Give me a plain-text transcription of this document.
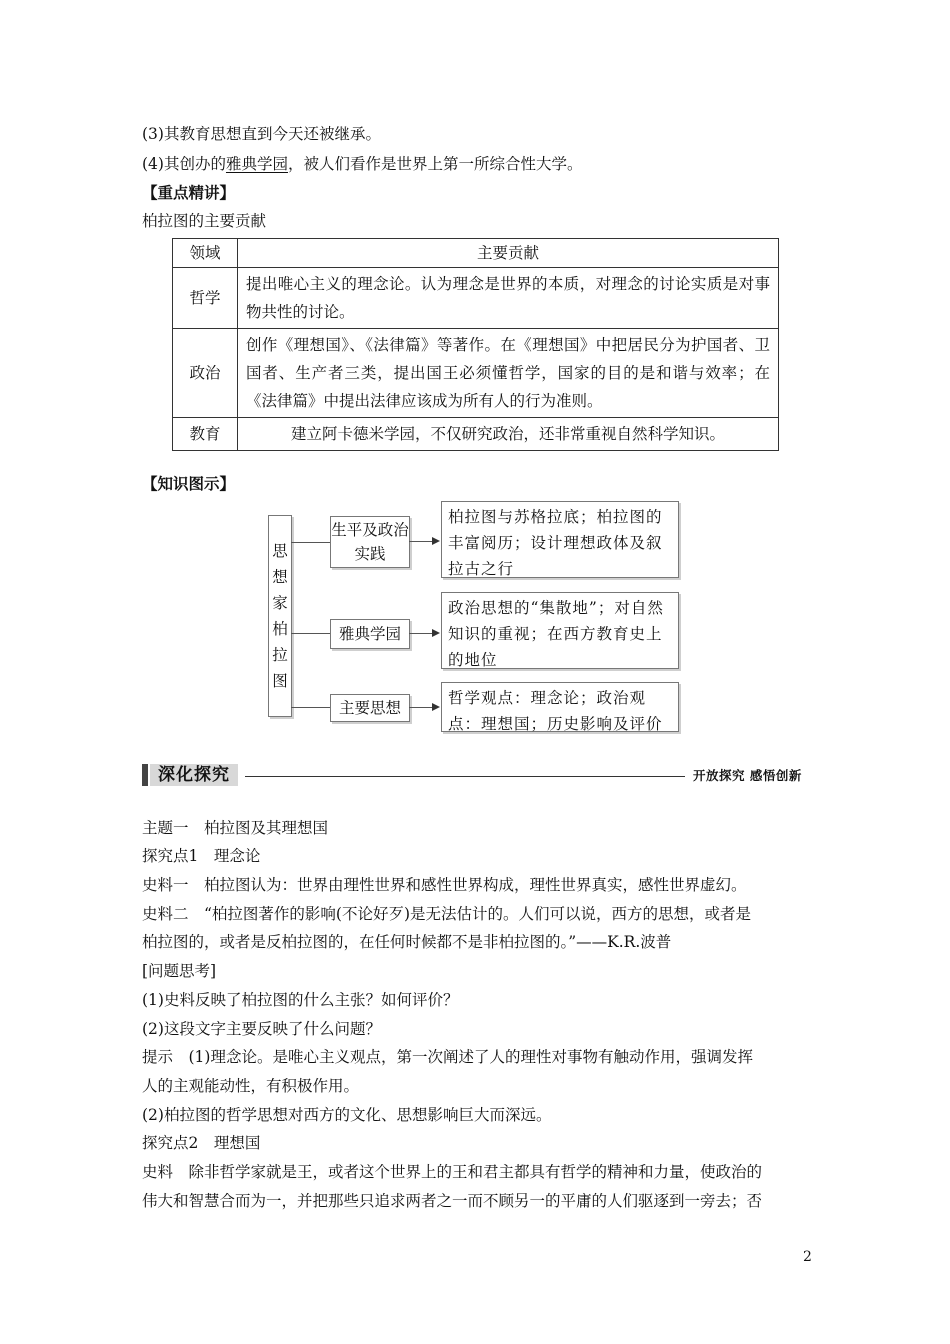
(3)其教育思想直到今天还被继承。
(4)其创办的雅典学园，被人们看作是世界上第一所综合性大学。
【重点精讲】
柏拉图的主要贡献
领域	主要贡献
哲学	提出唯心主义的理念论。认为理念是世界的本质，对理念的讨论实质是对事物共性的讨论。
政治	创作《理想国》、《法律篇》等著作。在《理想国》中把居民分为护国者、卫国者、生产者三类，提出国王必须懂哲学，国家的目的是和谐与效率；在《法律篇》中提出法律应该成为所有人的行为准则。
教育	建立阿卡德米学园，不仅研究政治，还非常重视自然科学知识。
【知识图示】
思想家柏拉图
生平及政治实践
雅典学园
主要思想
柏拉图与苏格拉底；柏拉图的丰富阅历；设计理想政体及叙拉古之行
政治思想的“集散地”；对自然知识的重视；在西方教育史上的地位
哲学观点：理念论；政治观点：理想国；历史影响及评价
深化探究	开放探究 感悟创新
主题一　柏拉图及其理想国
探究点1　理念论
史料一　柏拉图认为：世界由理性世界和感性世界构成，理性世界真实，感性世界虚幻。
史料二　“柏拉图著作的影响(不论好歹)是无法估计的。人们可以说，西方的思想，或者是
柏拉图的，或者是反柏拉图的，在任何时候都不是非柏拉图的。”——K.R.波普
[问题思考]
(1)史料反映了柏拉图的什么主张？如何评价？
(2)这段文字主要反映了什么问题？
提示　(1)理念论。是唯心主义观点，第一次阐述了人的理性对事物有触动作用，强调发挥
人的主观能动性，有积极作用。
(2)柏拉图的哲学思想对西方的文化、思想影响巨大而深远。
探究点2　理想国
史料　除非哲学家就是王，或者这个世界上的王和君主都具有哲学的精神和力量，使政治的
伟大和智慧合而为一，并把那些只追求两者之一而不顾另一的平庸的人们驱逐到一旁去；否
2
